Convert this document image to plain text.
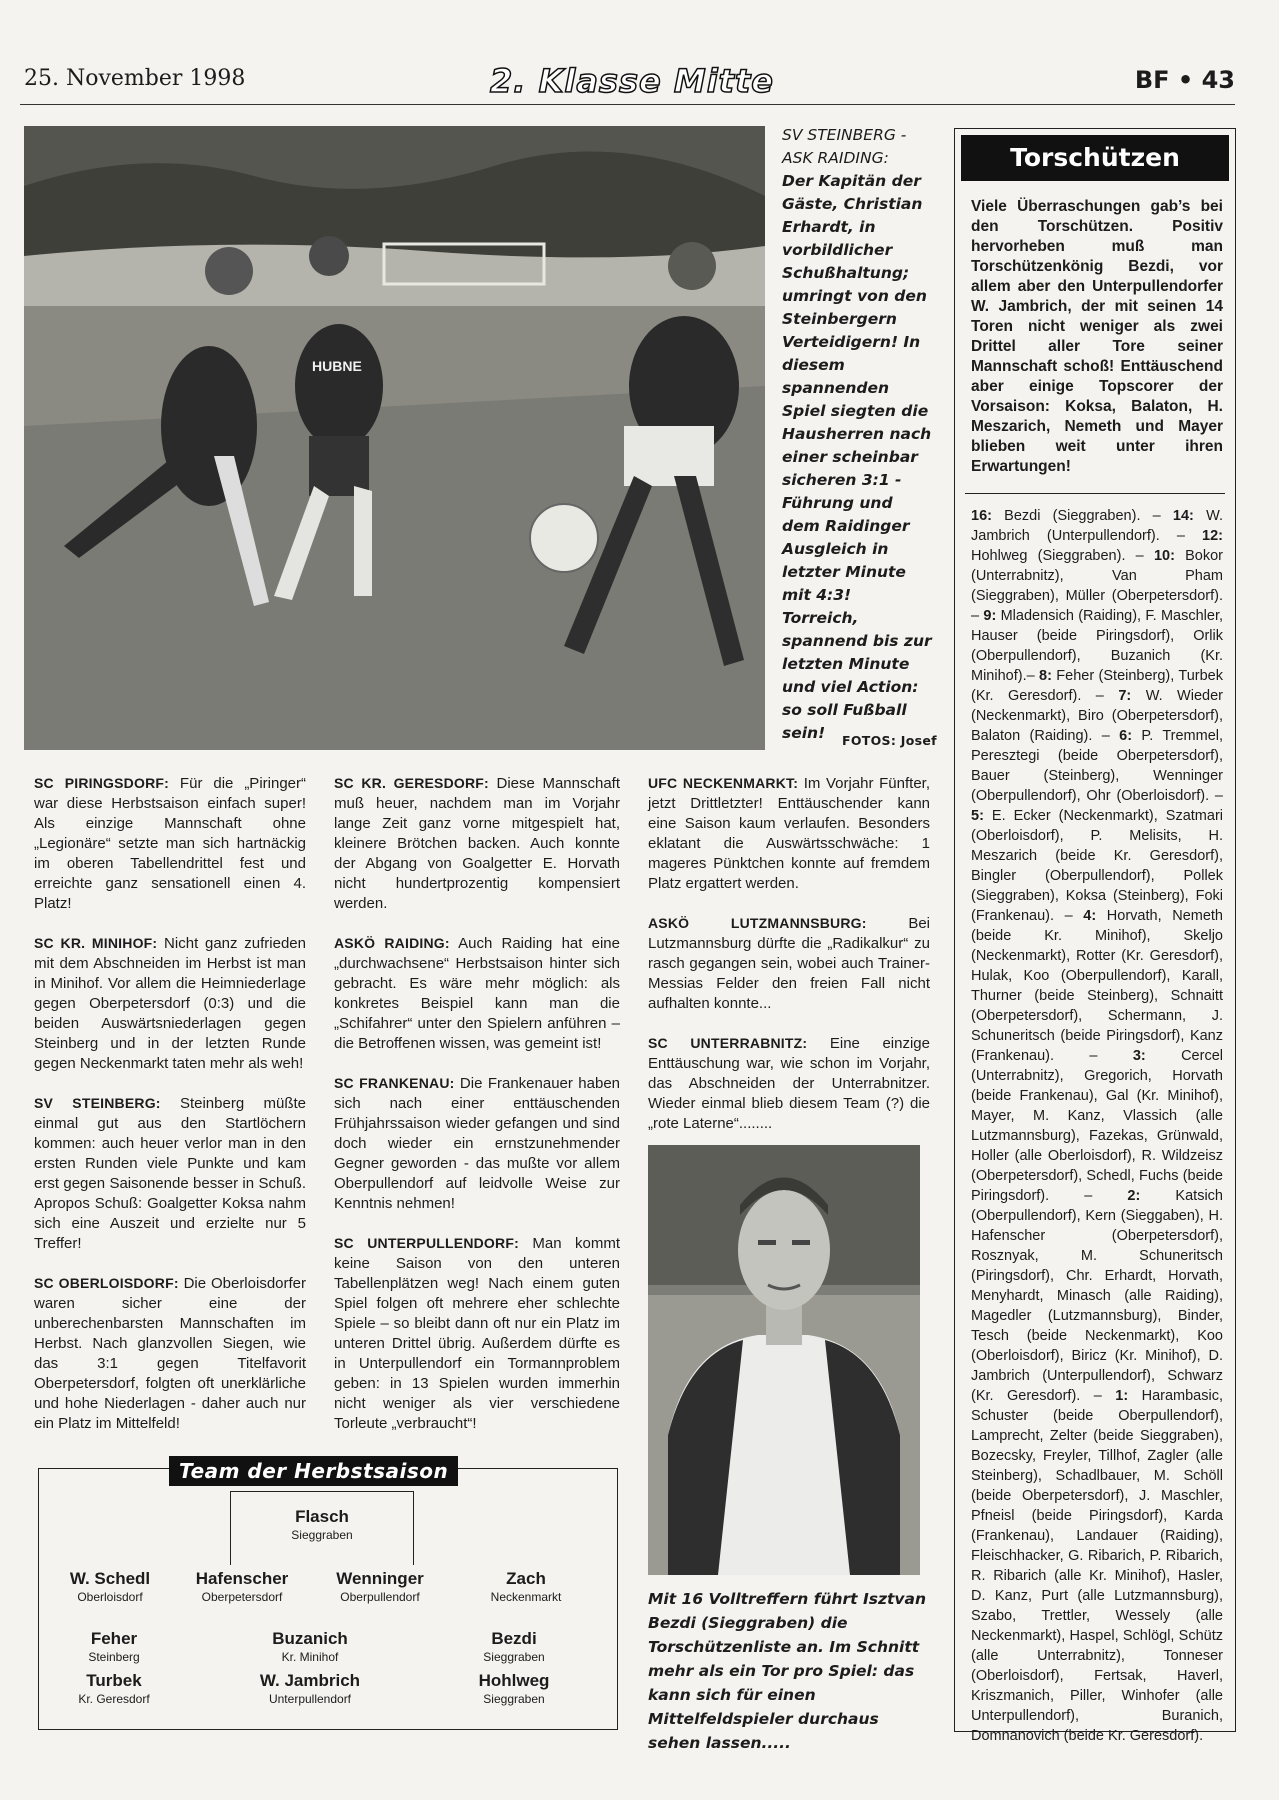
25. November 1998	2. Klasse Mitte	BF • 43
HUBNE
SV STEINBERG - ASK RAIDING:
Der Kapitän der Gäste, Christian Erhardt, in vorbildlicher Schußhaltung; umringt von den Steinbergern Verteidigern! In diesem spannenden Spiel siegten die Hausherren nach einer scheinbar sicheren 3:1 - Führung und dem Raidinger Ausgleich in letzter Minute mit 4:3! Torreich, spannend bis zur letzten Minute und viel Action: so soll Fußball sein!	FOTOS: Josef

SC PIRINGSDORF: Für die „Piringer“ war diese Herbstsaison einfach super! Als einzige Mannschaft ohne „Legionäre“ setzte man sich hartnäckig im oberen Tabellendrittel fest und erreichte ganz sensationell einen 4. Platz!

SC KR. MINIHOF: Nicht ganz zufrieden mit dem Abschneiden im Herbst ist man in Minihof. Vor allem die Heimniederlage gegen Oberpetersdorf (0:3) und die beiden Auswärtsniederlagen gegen Steinberg und in der letzten Runde gegen Neckenmarkt taten mehr als weh!

SV STEINBERG: Steinberg müßte einmal gut aus den Startlöchern kommen: auch heuer verlor man in den ersten Runden viele Punkte und kam erst gegen Saisonende besser in Schuß. Apropos Schuß: Goalgetter Koksa nahm sich eine Auszeit und erzielte nur 5 Treffer!

SC OBERLOISDORF: Die Oberloisdorfer waren sicher eine der unberechenbarsten Mannschaften im Herbst. Nach glanzvollen Siegen, wie das 3:1 gegen Titelfavorit Oberpetersdorf, folgten oft unerklärliche und hohe Niederlagen - daher auch nur ein Platz im Mittelfeld!

SC KR. GERESDORF: Diese Mannschaft muß heuer, nachdem man im Vorjahr lange Zeit ganz vorne mitgespielt hat, kleinere Brötchen backen. Auch konnte der Abgang von Goalgetter E. Horvath nicht hundertprozentig kompensiert werden.

ASKÖ RAIDING: Auch Raiding hat eine „durchwachsene“ Herbstsaison hinter sich gebracht. Es wäre mehr möglich: als konkretes Beispiel kann man die „Schifahrer“ unter den Spielern anführen – die Betroffenen wissen, was gemeint ist!

SC FRANKENAU: Die Frankenauer haben sich nach einer enttäuschenden Frühjahrssaison wieder gefangen und sind doch wieder ein ernstzunehmender Gegner geworden - das mußte vor allem Oberpullendorf auf leidvolle Weise zur Kenntnis nehmen!

SC UNTERPULLENDORF: Man kommt keine Saison von den unteren Tabellenplätzen weg! Nach einem guten Spiel folgen oft mehrere eher schlechte Spiele – so bleibt dann oft nur ein Platz im unteren Drittel übrig. Außerdem dürfte es in Unterpullendorf ein Tormannproblem geben: in 13 Spielen wurden immerhin nicht weniger als vier verschiedene Torleute „verbraucht“!

UFC NECKENMARKT: Im Vorjahr Fünfter, jetzt Drittletzter! Enttäuschender kann eine Saison kaum verlaufen. Besonders eklatant die Auswärtsschwäche: 1 mageres Pünktchen konnte auf fremdem Platz ergattert werden.

ASKÖ LUTZMANNSBURG: Bei Lutzmannsburg dürfte die „Radikalkur“ zu rasch gegangen sein, wobei auch Trainer-Messias Felder den freien Fall nicht aufhalten konnte...

SC UNTERRABNITZ: Eine einzige Enttäuschung war, wie schon im Vorjahr, das Abschneiden der Unterrabnitzer. Wieder einmal blieb diesem Team (?) die „rote Laterne“........

Team der Herbstsaison
Flasch
Sieggraben
W. Schedl
Oberloisdorf
Hafenscher
Oberpetersdorf
Wenninger
Oberpullendorf
Zach
Neckenmarkt
Feher
Steinberg
Buzanich
Kr. Minihof
Bezdi
Sieggraben
Turbek
Kr. Geresdorf
W. Jambrich
Unterpullendorf
Hohlweg
Sieggraben
Mit 16 Volltreffern führt Isztvan Bezdi (Sieggraben) die Torschützenliste an. Im Schnitt mehr als ein Tor pro Spiel: das kann sich für einen Mittelfeldspieler durchaus sehen lassen.....
Torschützen
Viele Überraschungen gab’s bei den Torschützen. Positiv hervorheben muß man Torschützenkönig Bezdi, vor allem aber den Unterpullendorfer W. Jambrich, der mit seinen 14 Toren nicht weniger als zwei Drittel aller Tore seiner Mannschaft schoß! Enttäuschend aber einige Topscorer der Vorsaison: Koksa, Balaton, H. Meszarich, Nemeth und Mayer blieben weit unter ihren Erwartungen!
16: Bezdi (Sieggraben). – 14: W. Jambrich (Unterpullendorf). – 12: Hohlweg (Sieggraben). – 10: Bokor (Unterrabnitz), Van Pham (Sieggraben), Müller (Oberpetersdorf). – 9: Mladensich (Raiding), F. Maschler, Hauser (beide Piringsdorf), Orlik (Oberpullendorf), Buzanich (Kr. Minihof).– 8: Feher (Steinberg), Turbek (Kr. Geresdorf). – 7: W. Wieder (Neckenmarkt), Biro (Oberpetersdorf), Balaton (Raiding). – 6: P. Tremmel, Peresztegi (beide Oberpetersdorf), Bauer (Steinberg), Wenninger (Oberpullendorf), Ohr (Oberloisdorf). – 5: E. Ecker (Neckenmarkt), Szatmari (Oberloisdorf), P. Melisits, H. Meszarich (beide Kr. Geresdorf), Bingler (Oberpullendorf), Pollek (Sieggraben), Koksa (Steinberg), Foki (Frankenau). – 4: Horvath, Nemeth (beide Kr. Minihof), Skeljo (Neckenmarkt), Rotter (Kr. Geresdorf), Hulak, Koo (Oberpullendorf), Karall, Thurner (beide Steinberg), Schnaitt (Oberpetersdorf), Schermann, J. Schuneritsch (beide Piringsdorf), Kanz (Frankenau). – 3: Cercel (Unterrabnitz), Gregorich, Horvath (beide Frankenau), Gal (Kr. Minihof), Mayer, M. Kanz, Vlassich (alle Lutzmannsburg), Fazekas, Grünwald, Holler (alle Oberloisdorf), R. Wildzeisz (Oberpetersdorf), Schedl, Fuchs (beide Piringsdorf). – 2: Katsich (Oberpullendorf), Kern (Sieggaben), H. Hafenscher (Oberpetersdorf), Rosznyak, M. Schuneritsch (Piringsdorf), Chr. Erhardt, Horvath, Menyhardt, Minasch (alle Raiding), Magedler (Lutzmannsburg), Binder, Tesch (beide Neckenmarkt), Koo (Oberloisdorf), Biricz (Kr. Minihof), D. Jambrich (Unterpullendorf), Schwarz (Kr. Geresdorf). – 1: Harambasic, Schuster (beide Oberpullendorf), Lamprecht, Zelter (beide Sieggraben), Bozecsky, Freyler, Tillhof, Zagler (alle Steinberg), Schadlbauer, M. Schöll (beide Oberpetersdorf), J. Maschler, Pfneisl (beide Piringsdorf), Karda (Frankenau), Landauer (Raiding), Fleischhacker, G. Ribarich, P. Ribarich, R. Ribarich (alle Kr. Minihof), Hasler, D. Kanz, Purt (alle Lutzmannsburg), Szabo, Trettler, Wessely (alle Neckenmarkt), Haspel, Schlögl, Schütz (alle Unterrabnitz), Tonneser (Oberloisdorf), Fertsak, Haverl, Kriszmanich, Piller, Winhofer (alle Unterpullendorf), Buranich, Domnanovich (beide Kr. Geresdorf).
